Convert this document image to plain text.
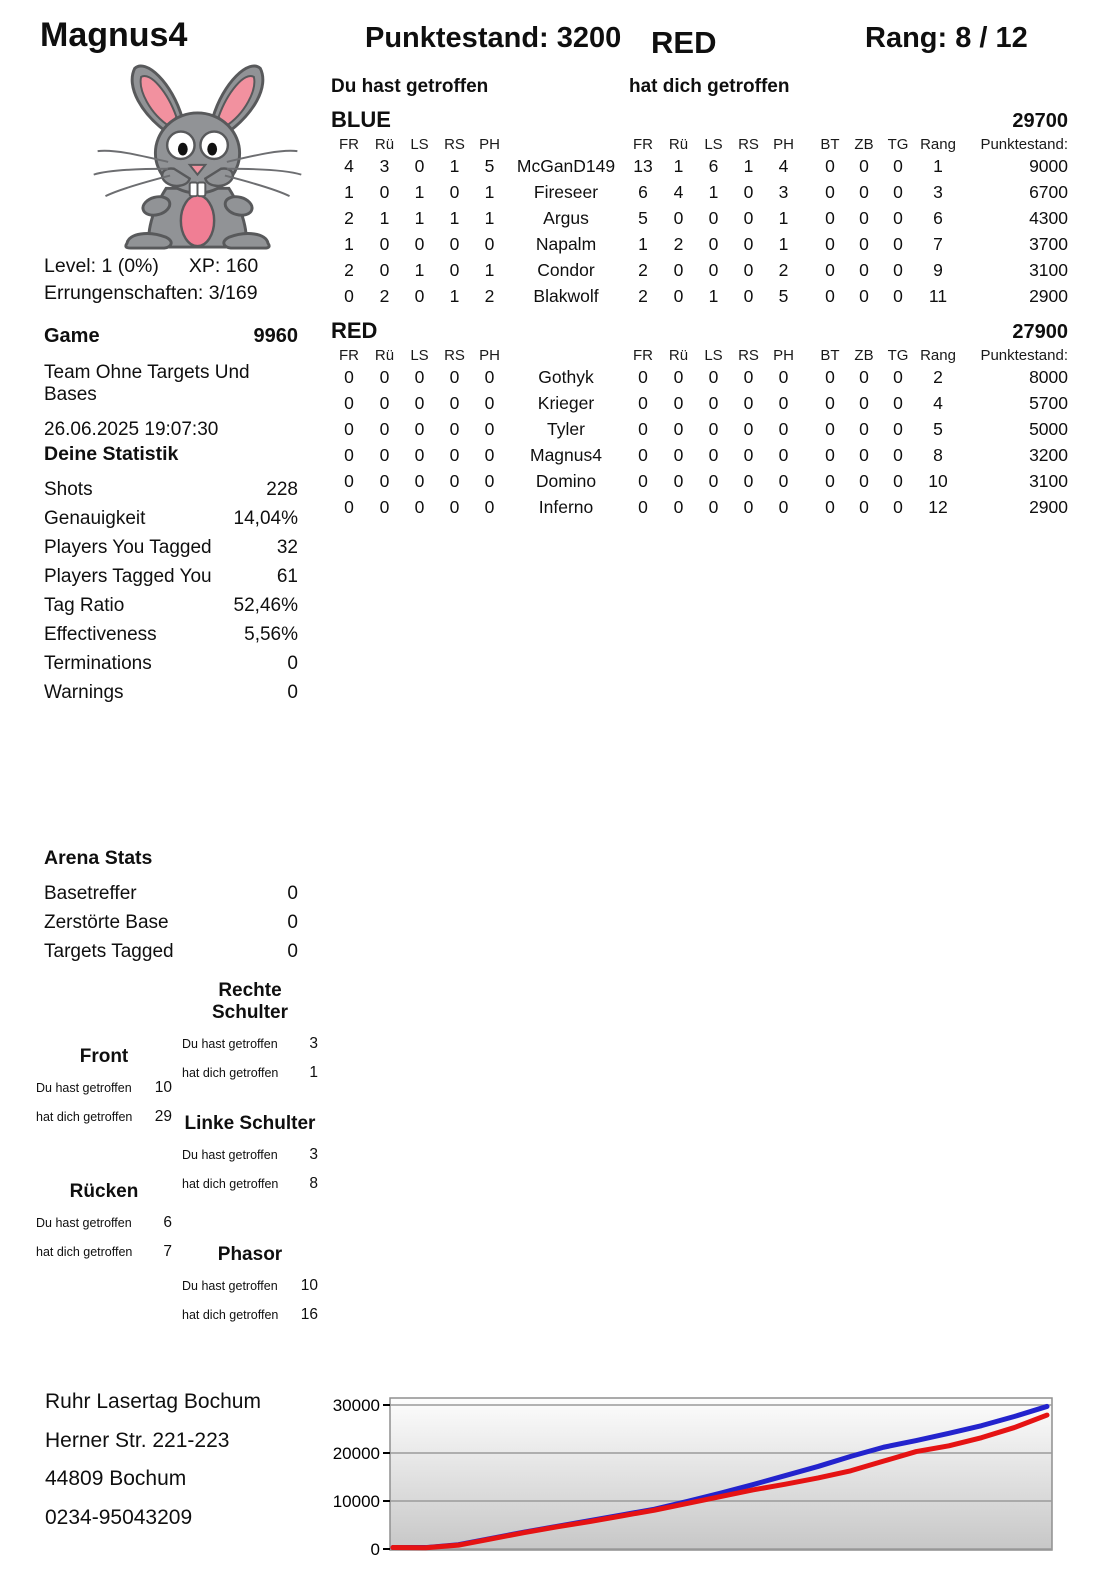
Magnus4	Punktestand: 3200 RED	Rang: 8 / 12
Level: 1 (0%) XP: 160
Errungenschaften: 3/169
Game	9960
Team Ohne Targets Und Bases
26.06.2025 19:07:30
Deine Statistik
Shots	228
Genauigkeit	14,04%
Players You Tagged	32
Players Tagged You	61
Tag Ratio	52,46%
Effectiveness	5,56%
Terminations	0
Warnings	0
Arena Stats
Basetreffer	0
Zerstörte Base	0
Targets Tagged	0
Du hast getroffen	hat dich getroffen
BLUE	29700
FR	Rü	LS	RS PH	FR	Rü	LS	RS PH	BT ZB TG Rang	Punktestand:
4	3	0	1	5	McGanD149	13	1	6	1	4	0	0	0	1	9000
1	0	1	0	1	Fireseer	6	4	1	0	3	0	0	0	3	6700
2	1	1	1	1	Argus	5	0	0	0	1	0	0	0	6	4300
1	0	0	0	0	Napalm	1	2	0	0	1	0	0	0	7	3700
2	0	1	0	1	Condor	2	0	0	0	2	0	0	0	9	3100
0	2	0	1	2	Blakwolf	2	0	1	0	5	0	0	0	11	2900
RED	27900
FR	Rü	LS	RS PH	FR	Rü	LS	RS PH	BT ZB TG Rang	Punktestand:
0	0	0	0	0	Gothyk	0	0	0	0	0	0	0	0	2	8000
0	0	0	0	0	Krieger	0	0	0	0	0	0	0	0	4	5700
0	0	0	0	0	Tyler	0	0	0	0	0	0	0	0	5	5000
0	0	0	0	0	Magnus4	0	0	0	0	0	0	0	0	8	3200
0	0	0	0	0	Domino	0	0	0	0	0	0	0	0	10	3100
0	0	0	0	0	Inferno	0	0	0	0	0	0	0	0	12	2900
Rechte Schulter
Du hast getroffen 3
hat dich getroffen 1
Front
Du hast getroffen 10
hat dich getroffen 29 Linke Schulter
Du hast getroffen 3
hat dich getroffen 8
Rücken
Du hast getroffen 6
hat dich getroffen 7	Phasor
Du hast getroffen 10
hat dich getroffen 16
Ruhr Lasertag Bochum
Herner Str. 221-223
44809 Bochum
0234-95043209
0
10000
20000
30000
